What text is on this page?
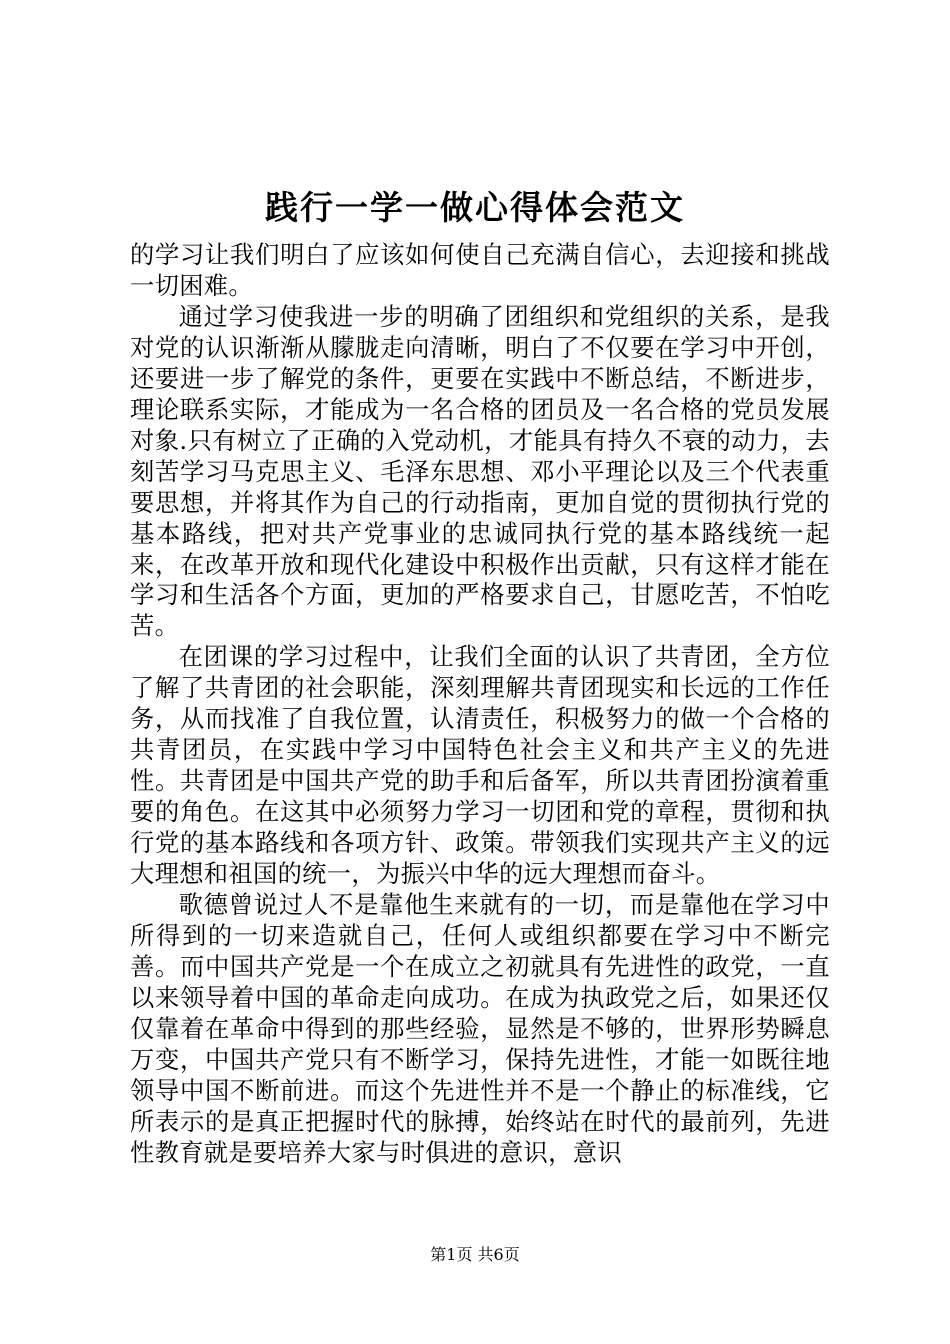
践行一学一做心得体会范文

的学习让我们明白了应该如何使自己充满自信心，去迎接和挑战一切困难。

通过学习使我进一步的明确了团组织和党组织的关系，是我对党的认识渐渐从朦胧走向清晰，明白了不仅要在学习中开创，还要进一步了解党的条件，更要在实践中不断总结，不断进步，理论联系实际，才能成为一名合格的团员及一名合格的党员发展对象.只有树立了正确的入党动机，才能具有持久不衰的动力，去刻苦学习马克思主义、毛泽东思想、邓小平理论以及三个代表重要思想，并将其作为自己的行动指南，更加自觉的贯彻执行党的基本路线，把对共产党事业的忠诚同执行党的基本路线统一起来，在改革开放和现代化建设中积极作出贡献，只有这样才能在学习和生活各个方面，更加的严格要求自己，甘愿吃苦，不怕吃苦。

在团课的学习过程中，让我们全面的认识了共青团，全方位了解了共青团的社会职能，深刻理解共青团现实和长远的工作任务，从而找准了自我位置，认清责任，积极努力的做一个合格的共青团员，在实践中学习中国特色社会主义和共产主义的先进性。共青团是中国共产党的助手和后备军，所以共青团扮演着重要的角色。在这其中必须努力学习一切团和党的章程，贯彻和执行党的基本路线和各项方针、政策。带领我们实现共产主义的远大理想和祖国的统一，为振兴中华的远大理想而奋斗。

歌德曾说过人不是靠他生来就有的一切，而是靠他在学习中所得到的一切来造就自己，任何人或组织都要在学习中不断完善。而中国共产党是一个在成立之初就具有先进性的政党，一直以来领导着中国的革命走向成功。在成为执政党之后，如果还仅仅靠着在革命中得到的那些经验，显然是不够的，世界形势瞬息万变，中国共产党只有不断学习，保持先进性，才能一如既往地领导中国不断前进。而这个先进性并不是一个静止的标准线，它所表示的是真正把握时代的脉搏，始终站在时代的最前列，先进性教育就是要培养大家与时俱进的意识，意识

第1页 共6页
